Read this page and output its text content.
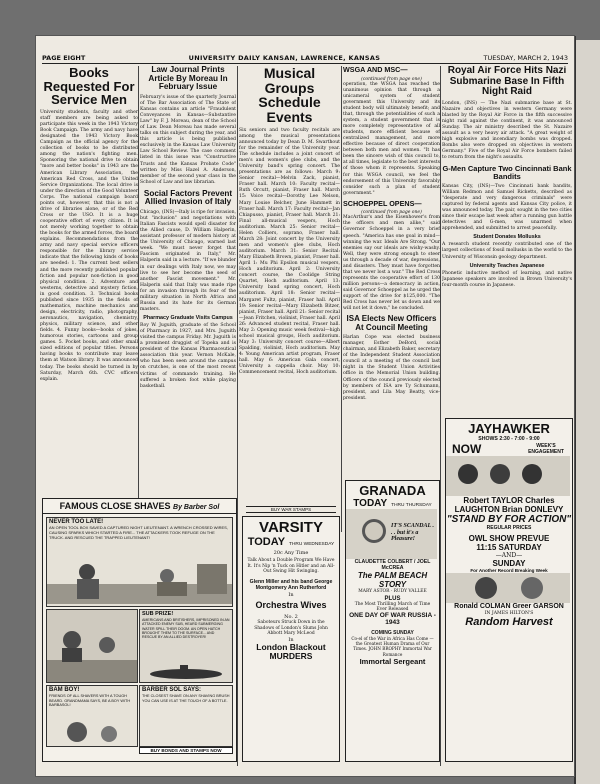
PAGE EIGHT	UNIVERSITY DAILY KANSAN, LAWRENCE, KANSAS	TUESDAY, MARCH 2, 1943
Books Requested For Service Men

University students, faculty and other staff members are being asked to participate this week in the 1943 Victory Book Campaign. The army and navy have designated the 1943 Victory Book Campaign as the official agency for the collection of books to be distributed among the nation's fighting men. Sponsoring the national drive to obtain "more and better books" in 1943 are the American Library Association, the American Red Cross, and the United Service Organizations. The local drive is under the direction of the Good Volunteer Corps. The national campaign board points out, however, that this is not a drive of libraries alone, or of the Red Cross or the USO. It is a huge cooperative effort of every citizen. It is not merely working together to obtain the books for the armed forces, the board explains. Recommendations from the army and navy special service officers responsible for the library service indicate that the following kinds of books are needed: 1. The current best sellers and the more recently published popular fiction and popular non-fiction in good physical condition. 2. Adventure and westerns, detective and mystery fiction, in good condition. 3. Technical books published since 1935 in the fields of mathematics, machine mechanics and design, electricity, radio, photography, aeronautics, navigation, chemistry, physics, military science, and other fields. 4. Funny books—books of jokes, humorous stories, cartoons and group games. 5. Pocket books, and other small sized editions of popular titles. Persons having books to contribute may leave them at Watson library. It was announced today. The books should be turned in by Saturday, March 6th. CVC officers explain.

Law Journal Prints Article By Moreau In February Issue

February's issue of the quarterly Journal of The Bar Association of The State of Kansas contains an article "Fraudulent Conveyances in Kansas—Substantive Law" by F. J. Moreau, dean of the School of Law. Dean Moreau has made several talks on this subject during the year, and this article is being published exclusively in the Kansas Law University Law School Review. The case comment listed in this issue was "Constructive Trusts and the Kansas Probate Code" written by Miss Hazel A. Anderson, member of the second year class in the School of Law and law librarian.

Social Factors Prevent Allied Invasion of Italy

Chicago, (INS)—Italy is ripe for invasion, but "inclusion" and negotiations with Italian Fascists would spell disaster for the Allied cause, D. William Halperin, assistant professor of modern history at the University of Chicago, warned last week. "We must never forget that Fascism originated in Italy," Mr. Halperin said in a lecture. "If we blunder in our dealings with Italy now, we may live to see her become the seed of another Fascist movement." Mr. Halperin said that Italy was made ripe for an invasion through its fear of the military situation in North Africa and Russia and its hate for its German masters.

Pharmacy Graduate Visits Campus

Roy W. Juguith, graduate of the School of Pharmacy in 1927, and Mrs. Juguith visited the campus Friday. Mr. Juguith is a prominent druggist of Topeka and is president of the Kansas Pharmaceutical association this year. Vernon McKale, who has been seen around the campus on crutches, is one of the most recent victims of commando training. He suffered a broken foot while playing basketball.

Musical Groups Schedule Events

Six seniors and two faculty recitals are among the musical presentations announced today by Dean D. M. Swarthout for the remainder of the University year. The schedule includes a joint concert of men's and women's glee clubs, and the University band's spring concert. The presentations are as follows: March 9: Senior recital—Melvin Zack, pianist, Fraser hall. March 10: Faculty recital—Ruth Orcutt, pianist, Fraser hall. March 15: Voice recital—Dorothy Lee Nelson, Mary Louise Belcher, June Hammett in Fraser hall. March 17: Faculty recital—Jan Chiapusso, pianist, Fraser hall. March 21: Final all-musical vespers, Hoch auditorium. March 25: Senior recital—Helen Colliers, soprano, Fraser hall. March 28: Joint concert by the University men and women's glee clubs, Hoch auditorium. March 31: Senior Recital: Mary Elizabeth Brown, pianist, Fraser hall. April 1: Mu Phi Epsilon musical vespers, Hoch auditorium. April 2: University concert course, the Coolidge String Quartet, Hoch auditorium. April 13: University band spring concert, Hoch auditorium. April 18: Senior recital—Margaret Fultz, pianist, Fraser hall. April 19: Senior recital—Mary Elizabeth Bitzer, pianist, Fraser hall. April 21: Senior recital—Jean Fritchen, violinist, Fraser hall. April 26: Advanced student recital, Fraser hall. May 2: Opening music week festival—high school musical groups, Hoch auditorium. May 3: University concert course—Albert Spalding, violinist, Hoch auditorium. May 4: Young American artist program, Fraser hall. May 6: American Gala concert, University a cappella choir. May 10: Commencement recital, Hoch auditorium.

BUY WAR STAMPS
WSGA AND MSC—
(continued from page one)

operation, the WSGA has reached the unanimous opinion that through a unicameral system of student government this University and its student body will ultimately benefit; and that, through the potentialities of such a system, a student government that is more completely representative of all students, more efficient because of centralized management, and more effective because of direct cooperation between both men and women. "It has been the sincere wish of this council to, at all times, legislate to the best interests of those whom it represents. Speaking for this WSGA council, we feel the endorsement of this University favorably consider such a plan of student government."

SCHOEPPEL OPENS—
(continued from page one)

MacArthur's and the Eisenhower's from the officers and men alike," said Governor Schoeppel in a very brief speech. "America has one goal in mind—winning the war. Ideals Are Strong. "Our enemies say our ideals are wishy-washy. Well, they were strong enough to steer us through a decade of war, depressions, and disasters. They must have forgotten that we never lost a war." The Red Cross represents the cooperative effort of 130 million persons—a democracy in action, said Governor Schoeppel as he urged the support of the drive for $125,000. "The Red Cross has never let us down and we will not let it down," he concluded.

ISA Elects New Officers At Council Meeting

Harlan Cope was elected business manager, Esther DeBord, social chairman, and Elizabeth Baker, secretary of the Independent Student Association council at a meeting of the council last night in the Student Union Activities office in the Memorial Union building. Officers of the council previously elected by members of ISA are Ty Schumann, president, and Lila May Beatty, vice-president.

Royal Air Force Hits Nazi Submarine Base In Fifth Night Raid

London, (INS) — The Nazi submarine base at St. Nazaire and objectives in western Germany were blasted by the Royal Air Force in the fifth successive night raid against the continent, it was announced Sunday. The air ministry described the St. Nazaire assault as a very heavy air attack. "A great weight of high explosive and incendiary bombs was dropped. Bombs also were dropped on objectives in western Germany." Five of the Royal Air Force bombers failed to return from the night's assaults.

G-Men Capture Two Cincinnati Bank Bandits

Kansas City, (INS)—Two Cincinnati bank bandits, William Redmon and Samuel Ricketts, described as "desperate and very dangerous criminals" were captured by federal agents and Kansas City police, it was announced today. The pair, sought in the two cities since their escape last week after a running gun battle detectives and G-men, was unarmed when apprehended, and submitted to arrest peacefully.

Student Donates Mollusks

A research student recently contributed one of the largest collections of fossil mollusks in the world to the University of Wisconsin geology department.

University Teaches Japanese

Phonetic inductive method of learning, and native Japanese speakers are involved in Brown University's four-month course in Japanese.

FAMOUS CLOSE SHAVES By Barber Sol
NEVER TOO LATE!
AN OPEN TOOL BOX SAVED A CAPTURED NIGHT LIEUTENANT. A WRENCH CROSSED WIRES, CAUSING SPARKS WHICH STARTED A FIRE... THE ATTACKERS TOOK REFUGE ON THE TRUCK. AND RESCUED THE TRAPPED LIEUTENANT!
SUB PRIZE!
AMERICANS AND BRITISHERS, IMPRISONED IN AN ATTACKED ENEMY SUB, HEARD SUBMERGING WATER SPILL THEIR DOOM. AN OPEN HATCH BROUGHT THEM TO THE SURFACE... AND RESCUE BY AN ALLIED DESTROYER!
BAM BOY!
FRIENDS OF ALL SHAVERS WITH A TOUGH BEARD. GRANDMAMA SAYS, BE A BOY WITH BARBASOL!
BARBER SOL SAYS:
THE CLOSEST SHAVE ON ANY SHAVING BRUSH YOU CAN USE IS AT THE TOUCH OF A BOTTLE.
BUY BONDS AND STAMPS NOW
VARSITY
TODAY THRU WEDNESDAY
20c Any Time
Talk About a Double Program We Have It. It's Nip 'n Tuck on Hitler and an All-Out Swing Hit Swinging.
Glenn Miller and his band George Montgomery Ann Rutherford
In
Orchestra Wives
No. 2
Saboteurs Struck Down in the Shadows of London's Slums John Abbott Mary McLeod
In
London Blackout MURDERS
GRANADA
TODAY THRU THURSDAY
IT'S SCANDAL . . . but it's a Pleasure!
CLAUDETTE COLBERT / JOEL McCREA
The PALM BEACH STORY
MARY ASTOR · RUDY VALLEE
PLUS
The Most Thrilling March of Time Ever Released
ONE DAY OF WAR RUSSIA - 1943
COMING SUNDAY
Co-el of the War in Africa Has Come — the Greatest Human Drama of Our Times. JOHN BROPHY Immortal War Romance
Immortal Sergeant
JAYHAWKER
SHOWS 2:30 - 7:00 - 9:00
NOW	WEEK'S ENGAGEMENT
Robert TAYLOR Charles LAUGHTON Brian DONLEVY
"STAND BY FOR ACTION"
REGULAR PRICES
OWL SHOW PREVUE
11:15 SATURDAY
—AND—
SUNDAY
For Another Record Breaking Week
Ronald COLMAN Greer GARSON
IN JAMES HILTON'S
Random Harvest
